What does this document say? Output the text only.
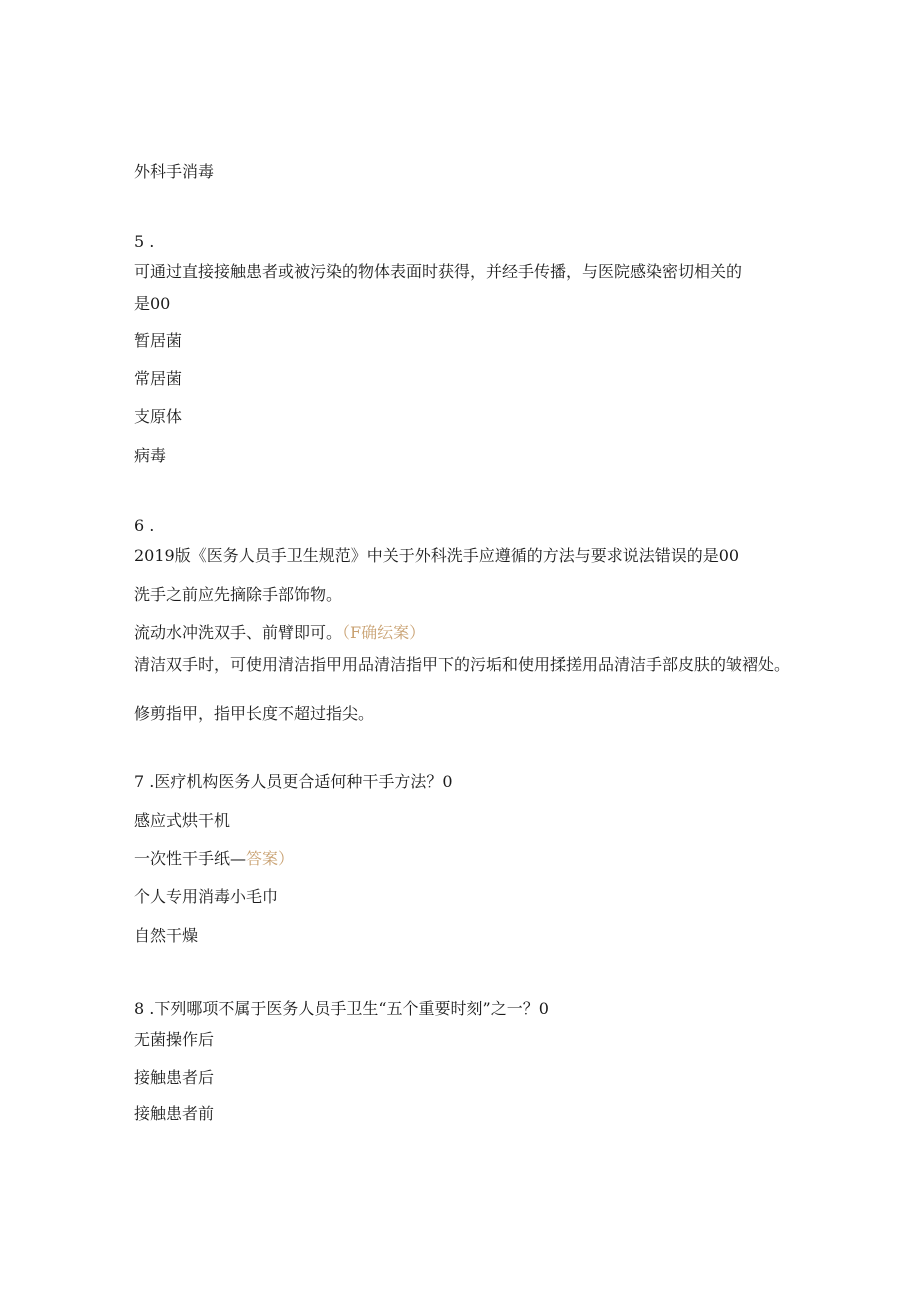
外科手消毒
5 .
可通过直接接触患者或被污染的物体表面时获得，并经手传播，与医院感染密切相关的
是00
暂居菌
常居菌
支原体
病毒
6 .
2019版《医务人员手卫生规范》中关于外科洗手应遵循的方法与要求说法错误的是00
洗手之前应先摘除手部饰物。
流动水冲洗双手、前臂即可。（F确纭案）
清洁双手时，可使用清洁指甲用品清洁指甲下的污垢和使用揉搓用品清洁手部皮肤的皱褶处。
修剪指甲，指甲长度不超过指尖。
7 .医疗机构医务人员更合适何种干手方法？0
感应式烘干机
一次性干手纸—答案）
个人专用消毒小毛巾
自然干燥
8 .下列哪项不属于医务人员手卫生“五个重要时刻”之一？0
无菌操作后
接触患者后
接触患者前
